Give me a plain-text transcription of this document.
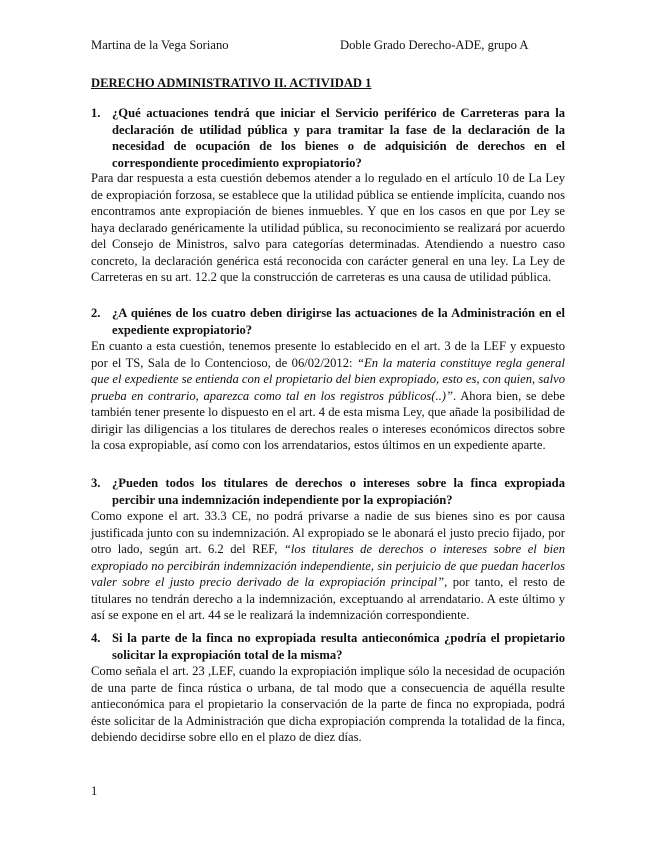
Martina de la Vega Soriano	Doble Grado Derecho-ADE, grupo A
DERECHO ADMINISTRATIVO II. ACTIVIDAD 1
1. ¿Qué actuaciones tendrá que iniciar el Servicio periférico de Carreteras para la declaración de utilidad pública y para tramitar la fase de la declaración de la necesidad de ocupación de los bienes o de adquisición de derechos en el correspondiente procedimiento expropiatorio?
Para dar respuesta a esta cuestión debemos atender a lo regulado en el artículo 10 de La Ley de expropiación forzosa, se establece que la utilidad pública se entiende implícita, cuando nos encontramos ante expropiación de bienes inmuebles. Y que en los casos en que por Ley se haya declarado genéricamente la utilidad pública, su reconocimiento se realizará por acuerdo del Consejo de Ministros, salvo para categorías determinadas. Atendiendo a nuestro caso concreto, la declaración genérica está reconocida con carácter general en una ley. La Ley de Carreteras en su art. 12.2 que la construcción de carreteras es una causa de utilidad pública.
2. ¿A quiénes de los cuatro deben dirigirse las actuaciones de la Administración en el expediente expropiatorio?
En cuanto a esta cuestión, tenemos presente lo establecido en el art. 3 de la LEF y expuesto por el TS, Sala de lo Contencioso, de 06/02/2012: “En la materia constituye regla general que el expediente se entienda con el propietario del bien expropiado, esto es, con quien, salvo prueba en contrario, aparezca como tal en los registros públicos(..)”. Ahora bien, se debe también tener presente lo dispuesto en el art. 4 de esta misma Ley, que añade la posibilidad de dirigir las diligencias a los titulares de derechos reales o intereses económicos directos sobre la cosa expropiable, así como con los arrendatarios, estos últimos en un expediente aparte.
3. ¿Pueden todos los titulares de derechos o intereses sobre la finca expropiada percibir una indemnización independiente por la expropiación?
Como expone el art. 33.3 CE, no podrá privarse a nadie de sus bienes sino es por causa justificada junto con su indemnización. Al expropiado se le abonará el justo precio fijado, por otro lado, según art. 6.2 del REF, “los titulares de derechos o intereses sobre el bien expropiado no percibirán indemnización independiente, sin perjuicio de que puedan hacerlos valer sobre el justo precio derivado de la expropiación principal”, por tanto, el resto de titulares no tendrán derecho a la indemnización, exceptuando al arrendatario. A este último y así se expone en el art. 44 se le realizará la indemnización correspondiente.
4. Si la parte de la finca no expropiada resulta antieconómica ¿podría el propietario solicitar la expropiación total de la misma?
Como señala el art. 23 ,LEF, cuando la expropiación implique sólo la necesidad de ocupación de una parte de finca rústica o urbana, de tal modo que a consecuencia de aquélla resulte antieconómica para el propietario la conservación de la parte de finca no expropiada, podrá éste solicitar de la Administración que dicha expropiación comprenda la totalidad de la finca, debiendo decidirse sobre ello en el plazo de diez días.
1
